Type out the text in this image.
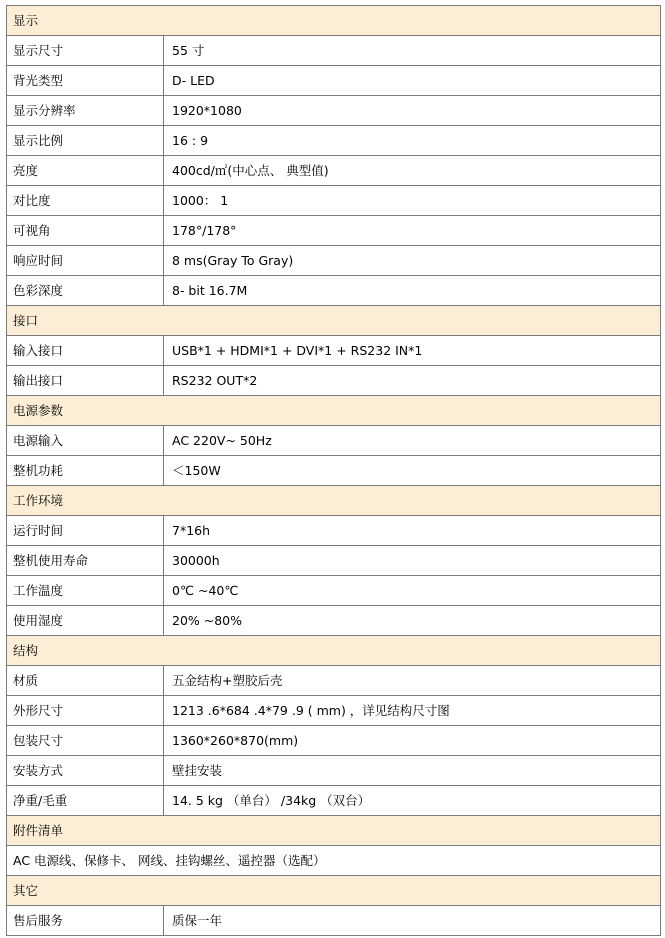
显示	
显示尺寸	55 寸
背光类型	D- LED
显示分辨率	1920*1080
显示比例	16 : 9
亮度	400cd/㎡(中心点、 典型值)
对比度	1000： 1
可视角	178°/178°
响应时间	8 ms(Gray To Gray)
色彩深度	8- bit 16.7M
接口	
输入接口	USB*1 + HDMI*1 + DVI*1 + RS232 IN*1
输出接口	RS232 OUT*2
电源参数	
电源输入	AC 220V~ 50Hz
整机功耗	＜150W
工作环境	
运行时间	7*16h
整机使用寿命	30000h
工作温度	0℃ ~40℃
使用湿度	20% ~80%
结构	
材质	五金结构+塑胶后壳
外形尺寸	1213 .6*684 .4*79 .9 ( mm) ，详见结构尺寸图
包装尺寸	1360*260*870(mm)
安装方式	壁挂安装
净重/毛重	14. 5 kg （单台） /34kg （双台）
附件清单	
AC 电源线、保修卡、 网线、挂钩螺丝、遥控器（选配）	
其它	
售后服务	质保一年
